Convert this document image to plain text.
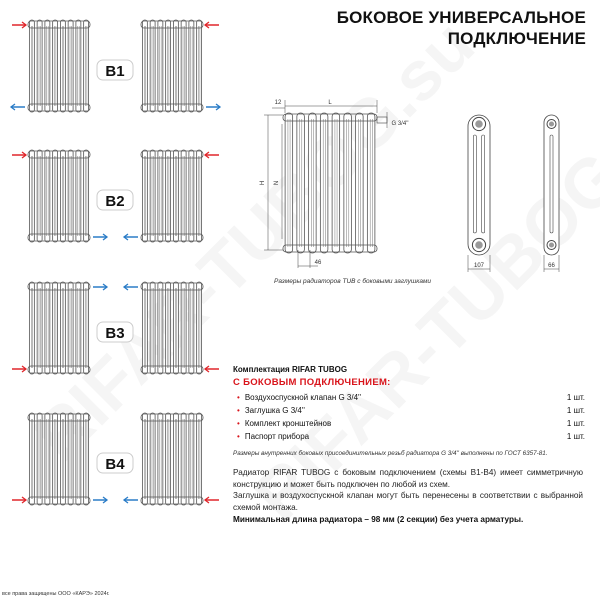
БОКОВОЕ УНИВЕРСАЛЬНОЕ
ПОДКЛЮЧЕНИЕ
B1
B2
B3
B4
L
12
H N
46
G 3/4''
107	66
Размеры радиаторов TUB с боковыми заглушками
Комплектация RIFAR TUBOG
С БОКОВЫМ ПОДКЛЮЧЕНИЕМ:
• Воздухоспускной клапан G 3/4''	1 шт.
• Заглушка G 3/4''	1 шт.
• Комплект кронштейнов	1 шт.
• Паспорт прибора	1 шт.
Размеры внутренних боковых присоединительных резьб радиатора G 3/4'' выполнены по ГОСТ 6357-81.

Радиатор RIFAR TUBOG с боковым подключением (схемы B1-B4) имеет симметричную конструкцию и может быть подключен по любой из схем.

Заглушка и воздухоспускной клапан могут быть перенесены в соответствии с выбранной схемой монтажа.

Минимальная длина радиатора – 98 мм (2 секции) без учета арматуры.

все права защищены ООО «КАРЭ» 2024г.
